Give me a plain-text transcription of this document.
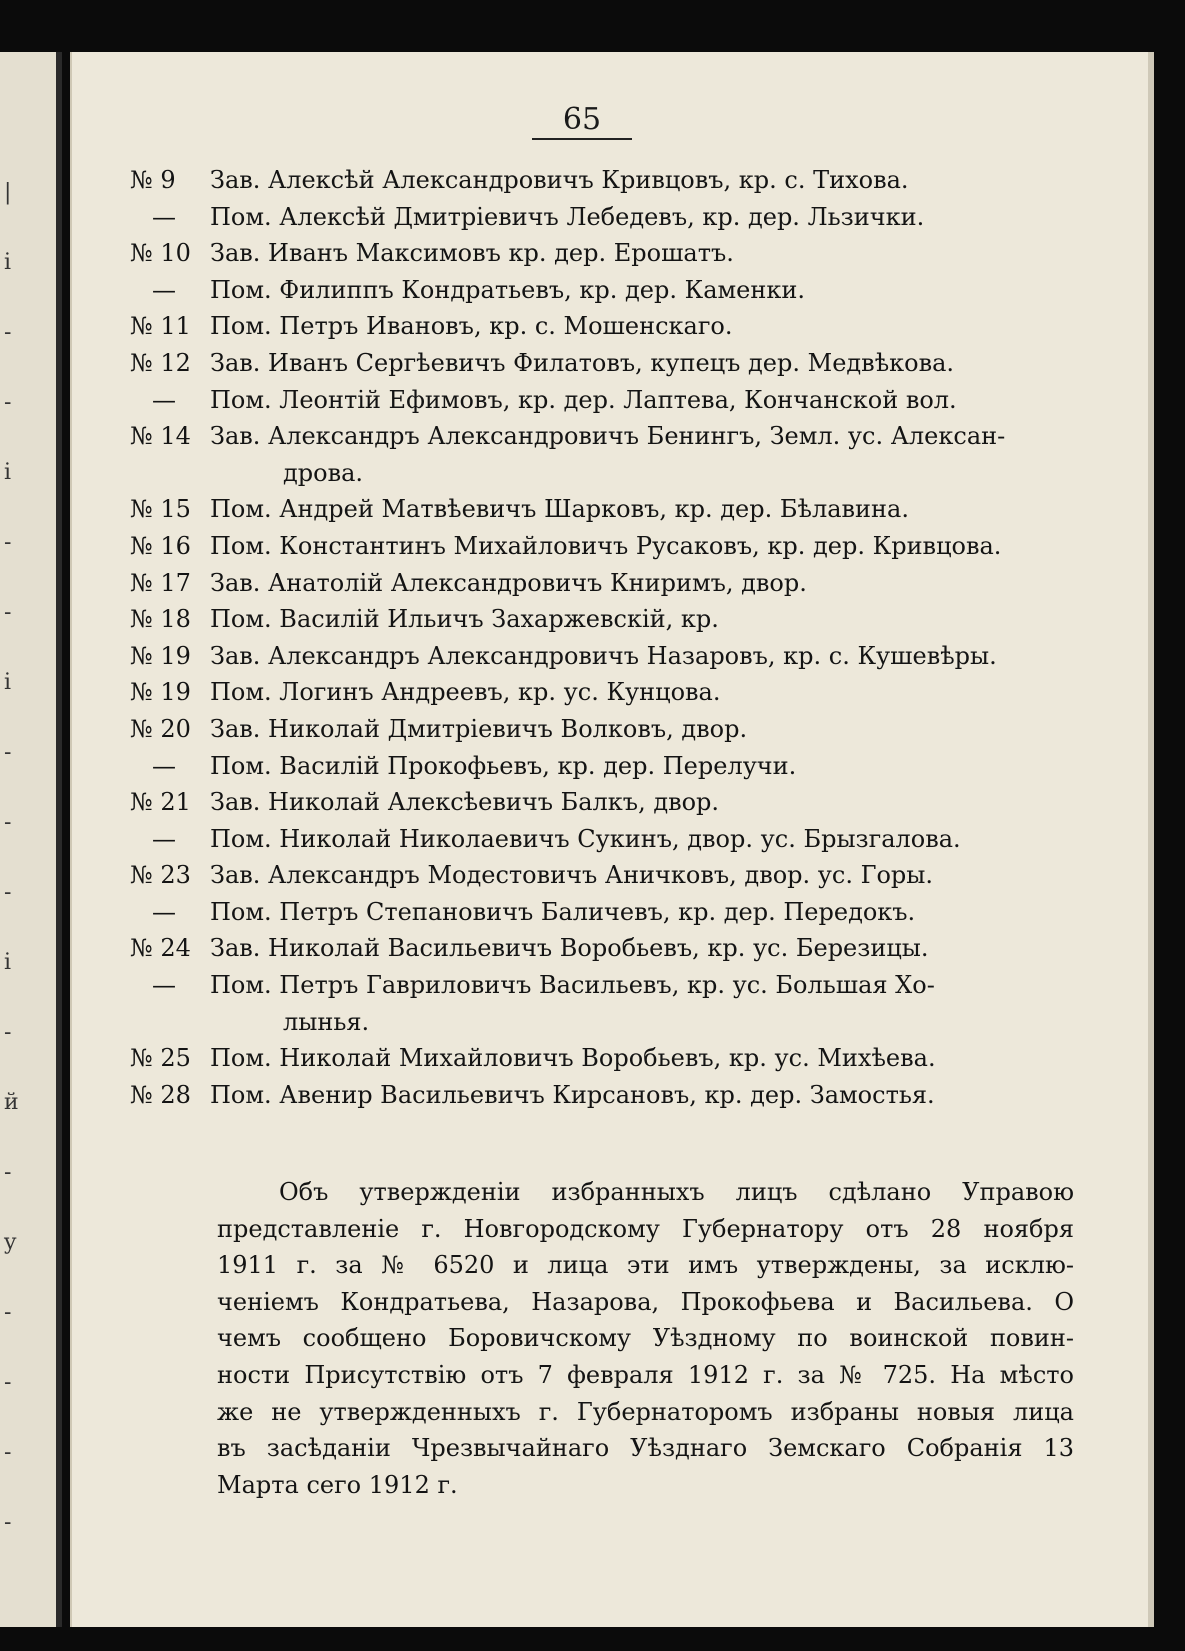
|
i
-
-
i
-
-
i
-
-
-
i
-
й
-
y
-
-
-
-
65
№ 9	Зав. Алексѣй Александровичъ Кривцовъ, кр. с. Тихова.
—	Пом. Алексѣй Дмитріевичъ Лебедевъ, кр. дер. Льзички.
№ 10 Зав. Иванъ Максимовъ кр. дер. Ерошатъ.
—	Пом. Филиппъ Кондратьевъ, кр. дер. Каменки.
№ 11 Пом. Петръ Ивановъ, кр. с. Мошенскаго.
№ 12 Зав. Иванъ Сергѣевичъ Филатовъ, купецъ дер. Медвѣкова.
—	Пом. Леонтій Ефимовъ, кр. дер. Лаптева, Кончанской вол.
№ 14 Зав. Александръ Александровичъ Бенингъ, Земл. ус. Алексан-
дрова.
№ 15 Пом. Андрей Матвѣевичъ Шарковъ, кр. дер. Бѣлавина.
№ 16 Пом. Константинъ Михайловичъ Русаковъ, кр. дер. Кривцова.
№ 17 Зав. Анатолій Александровичъ Книримъ, двор.
№ 18 Пом. Василій Ильичъ Захаржевскій, кр.
№ 19 Зав. Александръ Александровичъ Назаровъ, кр. с. Кушевѣры.
№ 19 Пом. Логинъ Андреевъ, кр. ус. Кунцова.
№ 20 Зав. Николай Дмитріевичъ Волковъ, двор.
—	Пом. Василій Прокофьевъ, кр. дер. Перелучи.
№ 21 Зав. Николай Алексѣевичъ Балкъ, двор.
—	Пом. Николай Николаевичъ Сукинъ, двор. ус. Брызгалова.
№ 23 Зав. Александръ Модестовичъ Аничковъ, двор. ус. Горы.
—	Пом. Петръ Степановичъ Баличевъ, кр. дер. Передокъ.
№ 24 Зав. Николай Васильевичъ Воробьевъ, кр. ус. Березицы.
—	Пом. Петръ Гавриловичъ Васильевъ, кр. ус. Большая Хо-
лынья.
№ 25 Пом. Николай Михайловичъ Воробьевъ, кр. ус. Михѣева.
№ 28 Пом. Авенир Васильевичъ Кирсановъ, кр. дер. Замостья.
Объ утвержденіи избранныхъ лицъ сдѣлано Управою
представленіе г. Новгородскому Губернатору отъ 28 ноября
1911 г. за № 6520 и лица эти имъ утверждены, за исклю-
ченіемъ Кондратьева, Назарова, Прокофьева и Васильева. О
чемъ сообщено Боровичскому Уѣздному по воинской повин-
ности Присутствію отъ 7 февраля 1912 г. за № 725. На мѣсто
же не утвержденныхъ г. Губернаторомъ избраны новыя лица
въ засѣданіи Чрезвычайнаго Уѣзднаго Земскаго Собранія 13
Марта сего 1912 г.
